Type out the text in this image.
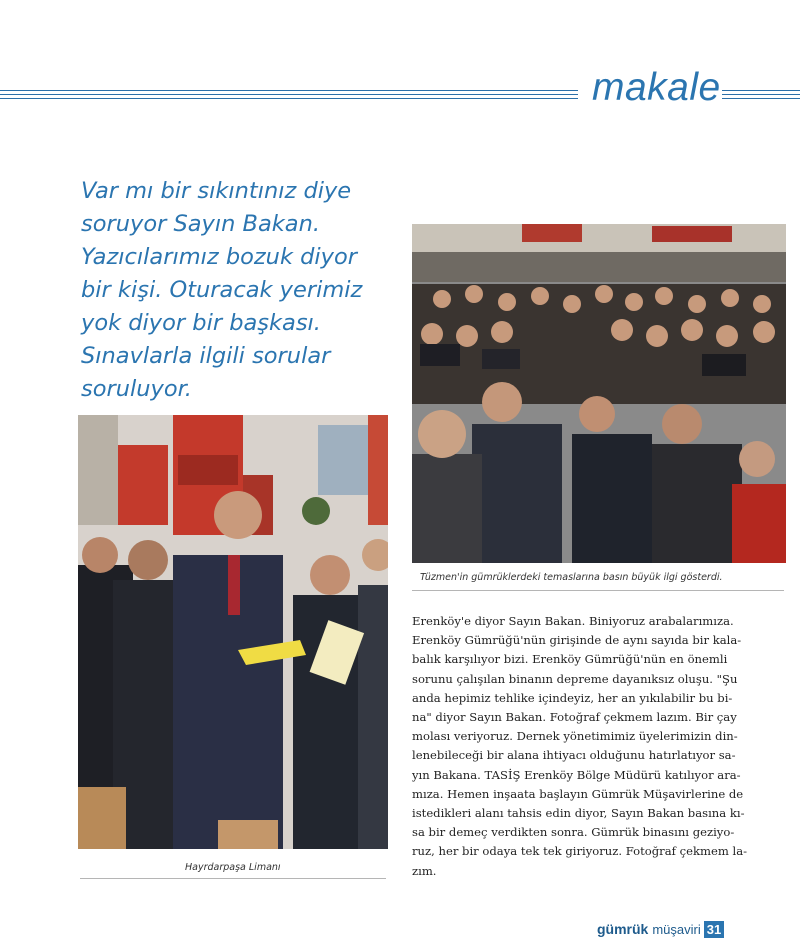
makale
Var mı bir sıkıntınız diye
soruyor Sayın Bakan.
Yazıcılarımız bozuk diyor
bir kişi. Oturacak yerimiz
yok diyor bir başkası.
Sınavlarla ilgili sorular
soruluyor.
Tüzmen'in gümrüklerdeki temaslarına basın büyük ilgi gösterdi.
Hayrdarpaşa Limanı
Erenköy'e diyor Sayın Bakan. Biniyoruz arabalarımıza.
Erenköy Gümrüğü'nün girişinde de aynı sayıda bir kala-
balık karşılıyor bizi. Erenköy Gümrüğü'nün en önemli
sorunu çalışılan binanın depreme dayanıksız oluşu. "Şu
anda hepimiz tehlike içindeyiz, her an yıkılabilir bu bi-
na" diyor Sayın Bakan. Fotoğraf çekmem lazım. Bir çay
molası veriyoruz. Dernek yönetimimiz üyelerimizin din-
lenebileceği bir alana ihtiyacı olduğunu hatırlatıyor sa-
yın Bakana. TASİŞ Erenköy Bölge Müdürü katılıyor ara-
mıza. Hemen inşaata başlayın Gümrük Müşavirlerine de
istedikleri alanı tahsis edin diyor, Sayın Bakan basına kı-
sa bir demeç verdikten sonra. Gümrük binasını geziyo-
ruz, her bir odaya tek tek giriyoruz. Fotoğraf çekmem la-
zım.
gümrük müşaviri 31
